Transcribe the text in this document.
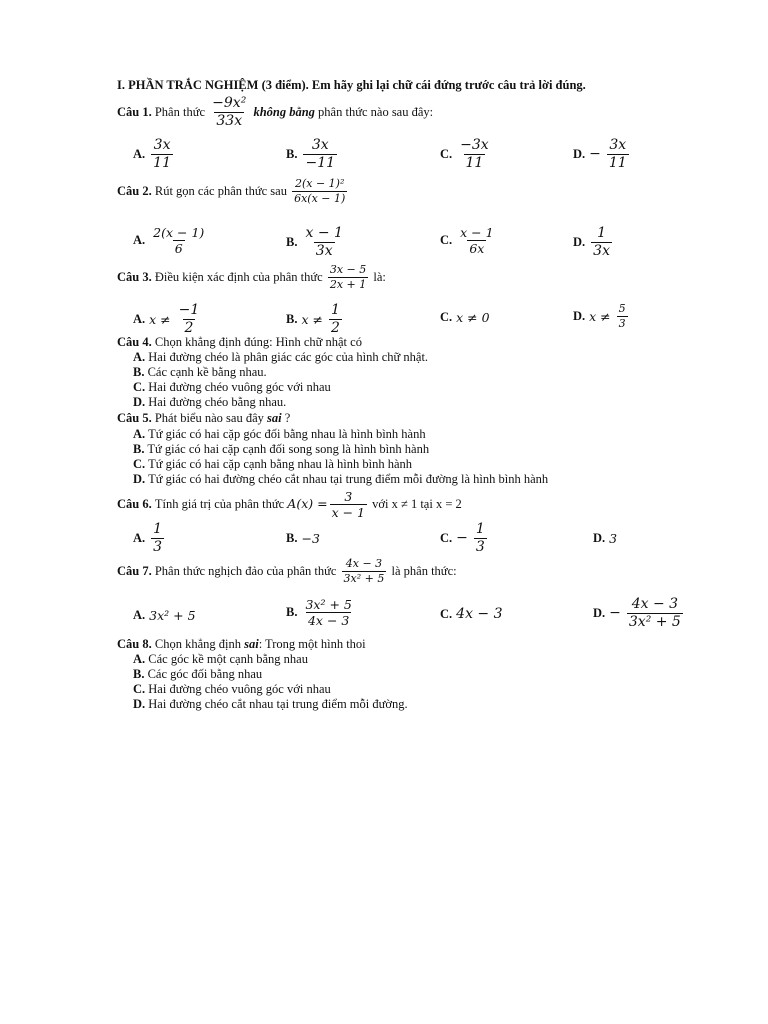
I. PHẦN TRẮC NGHIỆM (3 điểm). Em hãy ghi lại chữ cái đứng trước câu trả lời đúng.
Câu 1.
Phân thức
$\frac{\text{−9x²}}{33x}$
không bằng
phân thức nào sau đây:
A. $\frac{3x}{11}$	B. $\frac{3x}{-11}$	C. $\frac{-3x}{11}$	D. − $\frac{3x}{11}$
Câu 2.
Rút gọn các phân thức sau
$\frac{\text{2(x − 1)²}}{6x(x - 1)}$
A. $\frac{2(x - 1)}{6}$	B. $\frac{x - 1}{3x}$	C. $\frac{x - 1}{6x}$	D. $\frac{1}{3x}$
Câu 3.
Điều kiện xác định của phân thức
$\frac{3x - 5}{2x + 1}$
là:
A. $x \ne \frac{-1}{2}$	B. $x \ne \frac{1}{2}$	C. x ≠ 0	D. $x \ne \frac{5}{3}$
Câu 4. Chọn khẳng định đúng: Hình chữ nhật có
A. Hai đường chéo là phân giác các góc của hình chữ nhật.
B. Các cạnh kề bằng nhau.
C. Hai đường chéo vuông góc với nhau
D. Hai đường chéo bằng nhau.
Câu 5. Phát biểu nào sau đây sai ?
A. Tứ giác có hai cặp góc đối bằng nhau là hình bình hành
B. Tứ giác có hai cặp cạnh đối song song là hình bình hành
C. Tứ giác có hai cặp cạnh bằng nhau là hình bình hành
D. Tứ giác có hai đường chéo cắt nhau tại trung điểm mỗi đường là hình bình hành
Câu 6.
Tính giá trị của phân thức
$A(x) = \frac{3}{x - 1}$
với x ≠ 1 tại x = 2
A. $\frac{1}{3}$	B. −3	C. − $\frac{1}{3}$	D. 3
Câu 7.
Phân thức nghịch đảo của phân thức
$\frac{4x - 3}{\text{3x² + 5}}$
là phân thức:
A. 3x² + 5	B. $\frac{\text{3x² + 5}}{4x - 3}$	C. 4x − 3	D. − $\frac{4x - 3}{\text{3x² + 5}}$
Câu 8. Chọn khẳng định sai: Trong một hình thoi
A. Các góc kề một cạnh bằng nhau
B. Các góc đối bằng nhau
C. Hai đường chéo vuông góc với nhau
D. Hai đường chéo cắt nhau tại trung điểm mỗi đường.
